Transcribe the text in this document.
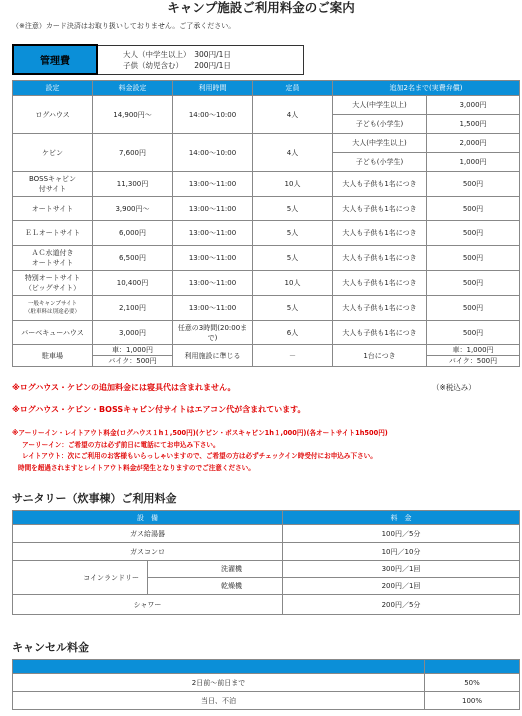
キャンプ施設ご利用料金のご案内
（※注意）カード決済はお取り扱いしておりません。ご了承ください。
管理費	
大人（中学生以上）　300円/1日
子供（幼児含む）　　200円/1日
設定	料金設定	利用時間	定員	追加2名まで(実費弁償)	
ログハウス	14,900円～	14:00～10:00	4人	大人(中学生以上)	3,000円
				子ども(小学生)	1,500円
ケビン	7,600円	14:00～10:00	4人	大人(中学生以上)	2,000円
				子ども(小学生)	1,000円
BOSSキャビン
付サイト	11,300円	13:00～11:00	10人	大人も子供も1名につき	500円
オートサイト	3,900円～	13:00～11:00	5人	大人も子供も1名につき	500円
ＥＬオートサイト	6,000円	13:00～11:00	5人	大人も子供も1名につき	500円
ＡＣ水道付き
オートサイト	6,500円	13:00～11:00	5人	大人も子供も1名につき	500円
特別オートサイト
（ビッグサイト）	10,400円	13:00～11:00	10人	大人も子供も1名につき	500円
一般キャンプサイト
（駐車料は別途必要）	2,100円	13:00～11:00	5人	大人も子供も1名につき	500円
バーベキューハウス	3,000円	任意の3時間(20:00まで)	6人	大人も子供も1名につき	500円
駐車場	車：1,000円	利用施設に準じる	－	1台につき	車：1,000円
	バイク：500円				バイク：500円
※ログハウス・ケビンの追加料金には寝具代は含まれません。	（※税込み）
※ログハウス・ケビン・BOSSキャビン付サイトはエアコン代が含まれています。
※アーリーイン・レイトアウト料金(ログハウス１h１,500円)(ケビン・ボスキャビン1h１,000円)(各オートサイト1h500円)
アーリーイン：ご希望の方は必ず前日に電話にてお申込み下さい。
レイトアウト：次にご利用のお客様もいらっしゃいますので、ご希望の方は必ずチェックイン時受付にお申込み下さい。
時間を超過されますとレイトアウト料金が発生となりますのでご注意ください。
サニタリー（炊事棟）ご利用料金
設　備		料　金
ガス給湯器		100円／5分
ガスコンロ		10円／10分
コインランドリー	洗濯機	300円／1回
	乾燥機	200円／1回
シャワー		200円／5分
キャンセル料金

2日前～前日まで	50%
当日、不泊	100%
